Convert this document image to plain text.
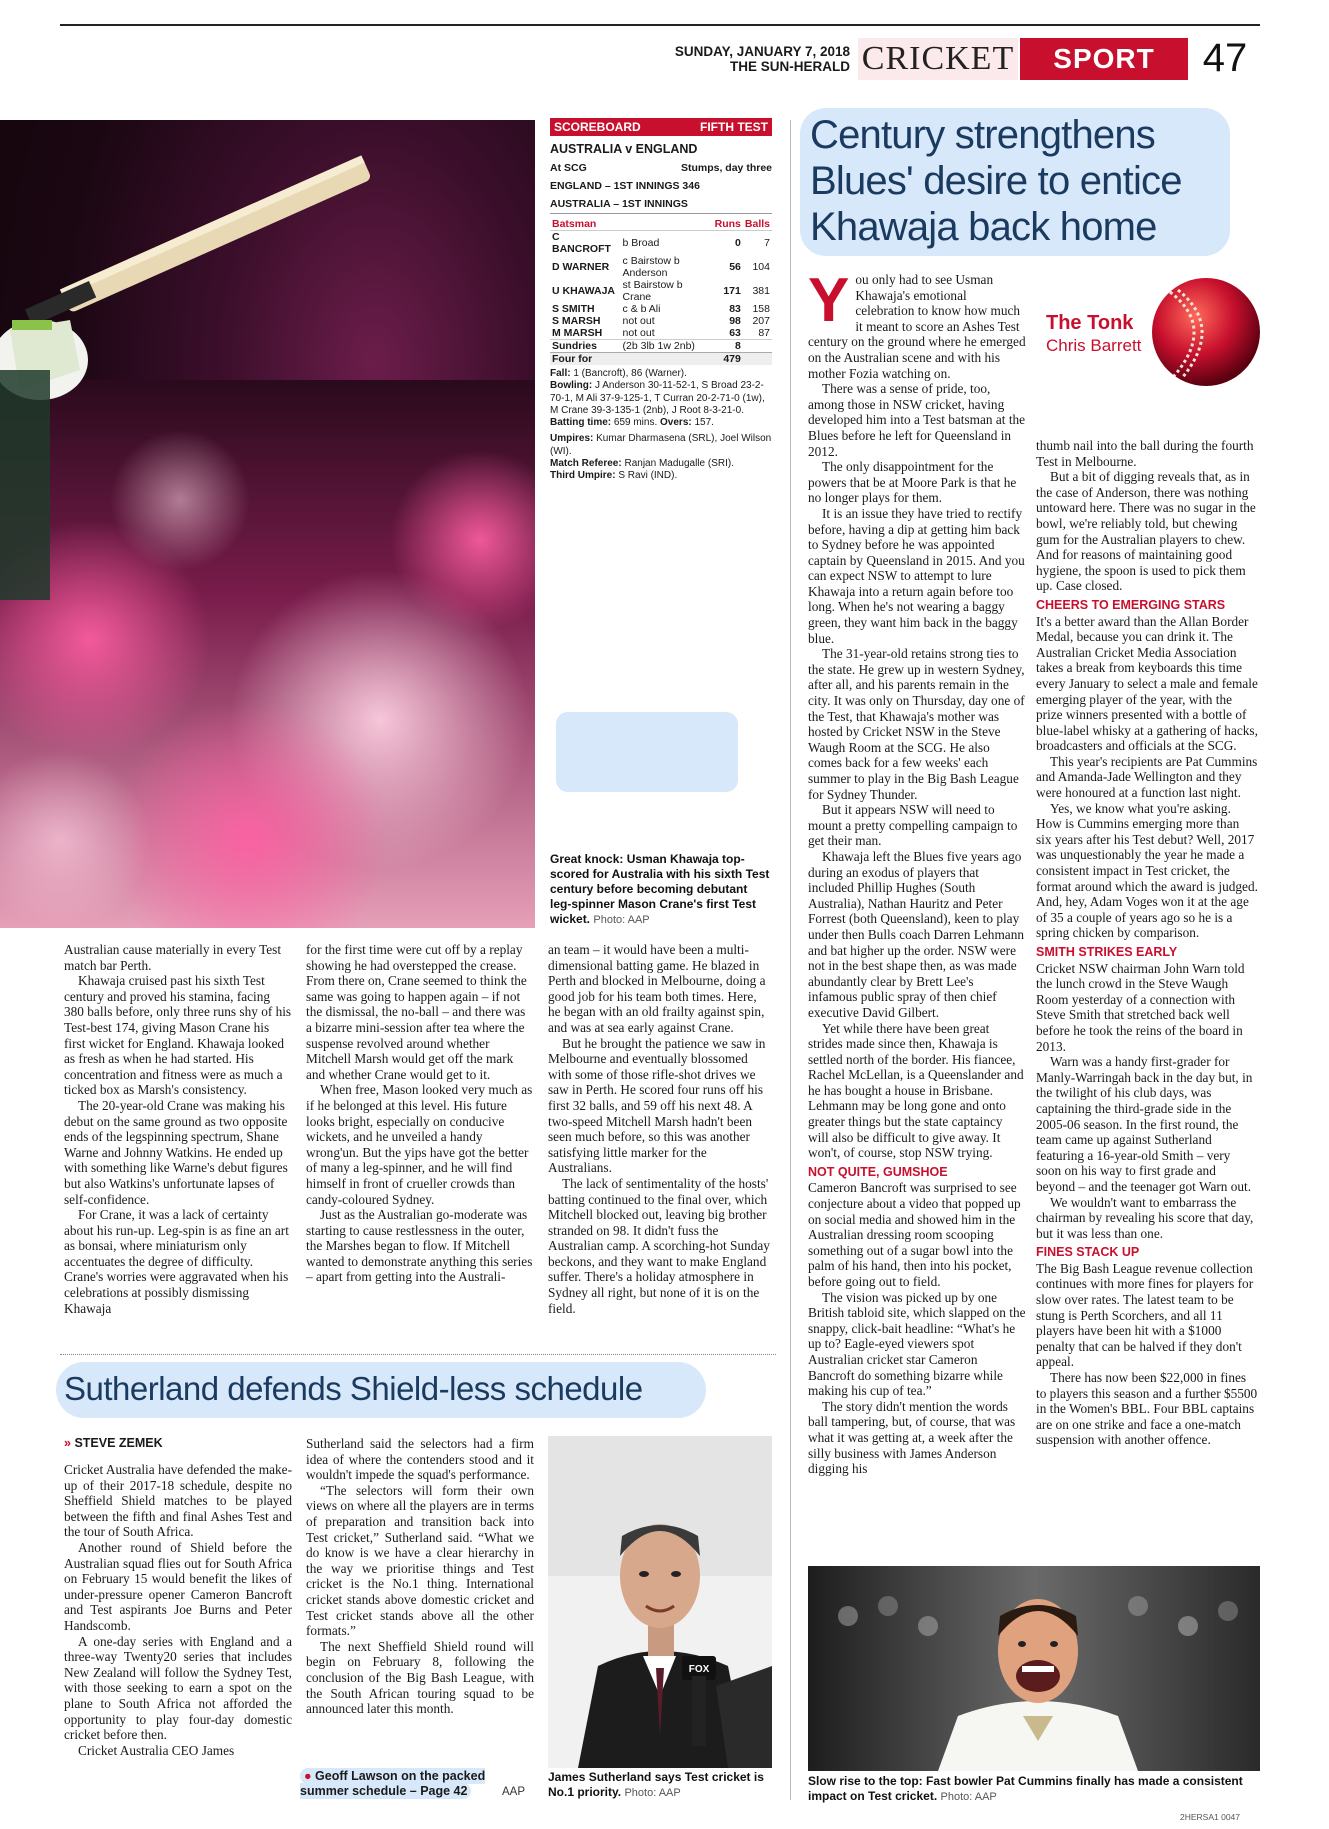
SUNDAY, JANUARY 7, 2018
THE SUN-HERALD CRICKET	SPORT	47
SCOREBOARD	FIFTH TEST
AUSTRALIA v ENGLAND
At SCG	Stumps, day three
ENGLAND – 1ST INNINGS 346
AUSTRALIA – 1ST INNINGS
Batsman		Runs	Balls
C BANCROFT	b Broad	0	7
D WARNER	c Bairstow b Anderson	56	104
U KHAWAJA	st Bairstow b Crane	171	381
S SMITH	c & b Ali	83	158
S MARSH	not out	98	207
M MARSH	not out	63	87
Sundries	(2b 3lb 1w 2nb)	8	
Four for		479	
Fall: 1 (Bancroft), 86 (Warner).
Bowling: J Anderson 30-11-52-1, S Broad 23-2-70-1, M Ali 37-9-125-1, T Curran 20-2-71-0 (1w), M Crane 39-3-135-1 (2nb), J Root 8-3-21-0. Batting time: 659 mins. Overs: 157.
Umpires: Kumar Dharmasena (SRL), Joel Wilson (WI).
Match Referee: Ranjan Madugalle (SRI).
Third Umpire: S Ravi (IND).
Great knock: Usman Khawaja top-scored for Australia with his sixth Test century before becoming debutant leg-spinner Mason Crane's first Test wicket. Photo: AAP

Australian cause materially in every Test match bar Perth.

Khawaja cruised past his sixth Test century and proved his stamina, facing 380 balls before, only three runs shy of his Test-best 174, giving Mason Crane his first wicket for England. Khawaja looked as fresh as when he had started. His concentration and fitness were as much a ticked box as Marsh's consistency.

The 20-year-old Crane was making his debut on the same ground as two opposite ends of the legspinning spectrum, Shane Warne and Johnny Watkins. He ended up with something like Warne's debut figures but also Watkins's unfortunate lapses of self-confidence.

For Crane, it was a lack of certainty about his run-up. Leg-spin is as fine an art as bonsai, where miniaturism only accentuates the degree of difficulty. Crane's worries were aggravated when his celebrations at possibly dismissing Khawaja

for the first time were cut off by a replay showing he had overstepped the crease. From there on, Crane seemed to think the same was going to happen again – if not the dismissal, the no-ball – and there was a bizarre mini-session after tea where the suspense revolved around whether Mitchell Marsh would get off the mark and whether Crane would get to it.

When free, Mason looked very much as if he belonged at this level. His future looks bright, especially on conducive wickets, and he unveiled a handy wrong'un. But the yips have got the better of many a leg-spinner, and he will find himself in front of crueller crowds than candy-coloured Sydney.

Just as the Australian go-moderate was starting to cause restlessness in the outer, the Marshes began to flow. If Mitchell wanted to demonstrate anything this series – apart from getting into the Australi-

an team – it would have been a multi-dimensional batting game. He blazed in Perth and blocked in Melbourne, doing a good job for his team both times. Here, he began with an old frailty against spin, and was at sea early against Crane.

But he brought the patience we saw in Melbourne and eventually blossomed with some of those rifle-shot drives we saw in Perth. He scored four runs off his first 32 balls, and 59 off his next 48. A two-speed Mitchell Marsh hadn't been seen much before, so this was another satisfying little marker for the Australians.

The lack of sentimentality of the hosts' batting continued to the final over, which Mitchell blocked out, leaving big brother stranded on 98. It didn't fuss the Australian camp. A scorching-hot Sunday beckons, and they want to make England suffer. There's a holiday atmosphere in Sydney all right, but none of it is on the field.

Sutherland defends Shield-less schedule
» STEVE ZEMEK

Cricket Australia have defended the make-up of their 2017-18 schedule, despite no Sheffield Shield matches to be played between the fifth and final Ashes Test and the tour of South Africa.

Another round of Shield before the Australian squad flies out for South Africa on February 15 would benefit the likes of under-pressure opener Cameron Bancroft and Test aspirants Joe Burns and Peter Handscomb.

A one-day series with England and a three-way Twenty20 series that includes New Zealand will follow the Sydney Test, with those seeking to earn a spot on the plane to South Africa not afforded the opportunity to play four-day domestic cricket before then.

Cricket Australia CEO James

Sutherland said the selectors had a firm idea of where the contenders stood and it wouldn't impede the squad's performance.

“The selectors will form their own views on where all the players are in terms of preparation and transition back into Test cricket,” Sutherland said. “What we do know is we have a clear hierarchy in the way we prioritise things and Test cricket is the No.1 thing. International cricket stands above domestic cricket and Test cricket stands above all the other formats.”

The next Sheffield Shield round will begin on February 8, following the conclusion of the Big Bash League, with the South African touring squad to be announced later this month.

● Geoff Lawson on the packed summer schedule – Page 42	AAP
FOX
James Sutherland says Test cricket is No.1 priority. Photo: AAP
Century strengthens Blues' desire to entice Khawaja back home
Y ou only had to see Usman Khawaja's emotional celebration to know how much it meant to score an Ashes Test century on the ground where he emerged on the Australian scene and with his mother Fozia watching on.

There was a sense of pride, too, among those in NSW cricket, having developed him into a Test batsman at the Blues before he left for Queensland in 2012.

The only disappointment for the powers that be at Moore Park is that he no longer plays for them.

It is an issue they have tried to rectify before, having a dip at getting him back to Sydney before he was appointed captain by Queensland in 2015. And you can expect NSW to attempt to lure Khawaja into a return again before too long. When he's not wearing a baggy green, they want him back in the baggy blue.

The 31-year-old retains strong ties to the state. He grew up in western Sydney, after all, and his parents remain in the city. It was only on Thursday, day one of the Test, that Khawaja's mother was hosted by Cricket NSW in the Steve Waugh Room at the SCG. He also comes back for a few weeks' each summer to play in the Big Bash League for Sydney Thunder.

But it appears NSW will need to mount a pretty compelling campaign to get their man.

Khawaja left the Blues five years ago during an exodus of players that included Phillip Hughes (South Australia), Nathan Hauritz and Peter Forrest (both Queensland), keen to play under then Bulls coach Darren Lehmann and bat higher up the order. NSW were not in the best shape then, as was made abundantly clear by Brett Lee's infamous public spray of then chief executive David Gilbert.

Yet while there have been great strides made since then, Khawaja is settled north of the border. His fiancee, Rachel McLellan, is a Queenslander and he has bought a house in Brisbane. Lehmann may be long gone and onto greater things but the state captaincy will also be difficult to give away. It won't, of course, stop NSW trying.

NOT QUITE, GUMSHOE

Cameron Bancroft was surprised to see conjecture about a video that popped up on social media and showed him in the Australian dressing room scooping something out of a sugar bowl into the palm of his hand, then into his pocket, before going out to field.

The vision was picked up by one British tabloid site, which slapped on the snappy, click-bait headline: “What's he up to? Eagle-eyed viewers spot Australian cricket star Cameron Bancroft do something bizarre while making his cup of tea.”

The story didn't mention the words ball tampering, but, of course, that was what it was getting at, a week after the silly business with James Anderson digging his

The Tonk
Chris Barrett

thumb nail into the ball during the fourth Test in Melbourne.

But a bit of digging reveals that, as in the case of Anderson, there was nothing untoward here. There was no sugar in the bowl, we're reliably told, but chewing gum for the Australian players to chew. And for reasons of maintaining good hygiene, the spoon is used to pick them up. Case closed.

CHEERS TO EMERGING STARS

It's a better award than the Allan Border Medal, because you can drink it. The Australian Cricket Media Association takes a break from keyboards this time every January to select a male and female emerging player of the year, with the prize winners presented with a bottle of blue-label whisky at a gathering of hacks, broadcasters and officials at the SCG.

This year's recipients are Pat Cummins and Amanda-Jade Wellington and they were honoured at a function last night.

Yes, we know what you're asking. How is Cummins emerging more than six years after his Test debut? Well, 2017 was unquestionably the year he made a consistent impact in Test cricket, the format around which the award is judged. And, hey, Adam Voges won it at the age of 35 a couple of years ago so he is a spring chicken by comparison.

SMITH STRIKES EARLY

Cricket NSW chairman John Warn told the lunch crowd in the Steve Waugh Room yesterday of a connection with Steve Smith that stretched back well before he took the reins of the board in 2013.

Warn was a handy first-grader for Manly-Warringah back in the day but, in the twilight of his club days, was captaining the third-grade side in the 2005-06 season. In the first round, the team came up against Sutherland featuring a 16-year-old Smith – very soon on his way to first grade and beyond – and the teenager got Warn out.

We wouldn't want to embarrass the chairman by revealing his score that day, but it was less than one.

FINES STACK UP

The Big Bash League revenue collection continues with more fines for players for slow over rates. The latest team to be stung is Perth Scorchers, and all 11 players have been hit with a $1000 penalty that can be halved if they don't appeal.

There has now been $22,000 in fines to players this season and a further $5500 in the Women's BBL. Four BBL captains are on one strike and face a one-match suspension with another offence.

Slow rise to the top: Fast bowler Pat Cummins finally has made a consistent impact on Test cricket. Photo: AAP
2HERSA1 0047
